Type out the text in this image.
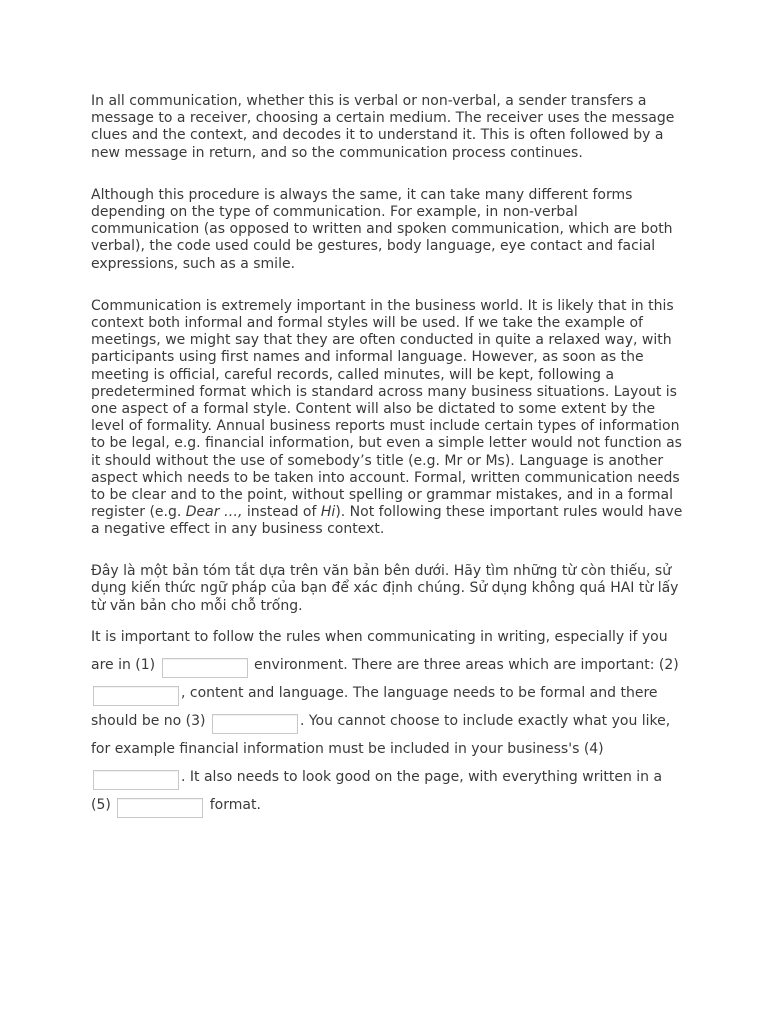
In all communication, whether this is verbal or non-verbal, a sender transfers a message to a receiver, choosing a certain medium. The receiver uses the message clues and the context, and decodes it to understand it. This is often followed by a new message in return, and so the communication process continues.

Although this procedure is always the same, it can take many different forms depending on the type of communication. For example, in non-verbal communication (as opposed to written and spoken communication, which are both verbal), the code used could be gestures, body language, eye contact and facial expressions, such as a smile.

Communication is extremely important in the business world. It is likely that in this context both informal and formal styles will be used. If we take the example of meetings, we might say that they are often conducted in quite a relaxed way, with participants using first names and informal language. However, as soon as the meeting is official, careful records, called minutes, will be kept, following a predetermined format which is standard across many business situations. Layout is one aspect of a formal style. Content will also be dictated to some extent by the level of formality. Annual business reports must include certain types of information to be legal, e.g. financial information, but even a simple letter would not function as it should without the use of somebody’s title (e.g. Mr or Ms). Language is another aspect which needs to be taken into account. Formal, written communication needs to be clear and to the point, without spelling or grammar mistakes, and in a formal register (e.g. Dear …, instead of Hi). Not following these important rules would have a negative effect in any business context.

Đây là một bản tóm tắt dựa trên văn bản bên dưới. Hãy tìm những từ còn thiếu, sử dụng kiến thức ngữ pháp của bạn để xác định chúng. Sử dụng không quá HAI từ lấy từ văn bản cho mỗi chỗ trống.

It is important to follow the rules when communicating in writing, especially if you are in (1)	environment. There are three areas which are important: (2) , content and language. The language needs to be formal and there should be no (3)	. You cannot choose to include exactly what you like, for example financial information must be included in your business's (4) . It also needs to look good on the page, with everything written in a (5)	format.
